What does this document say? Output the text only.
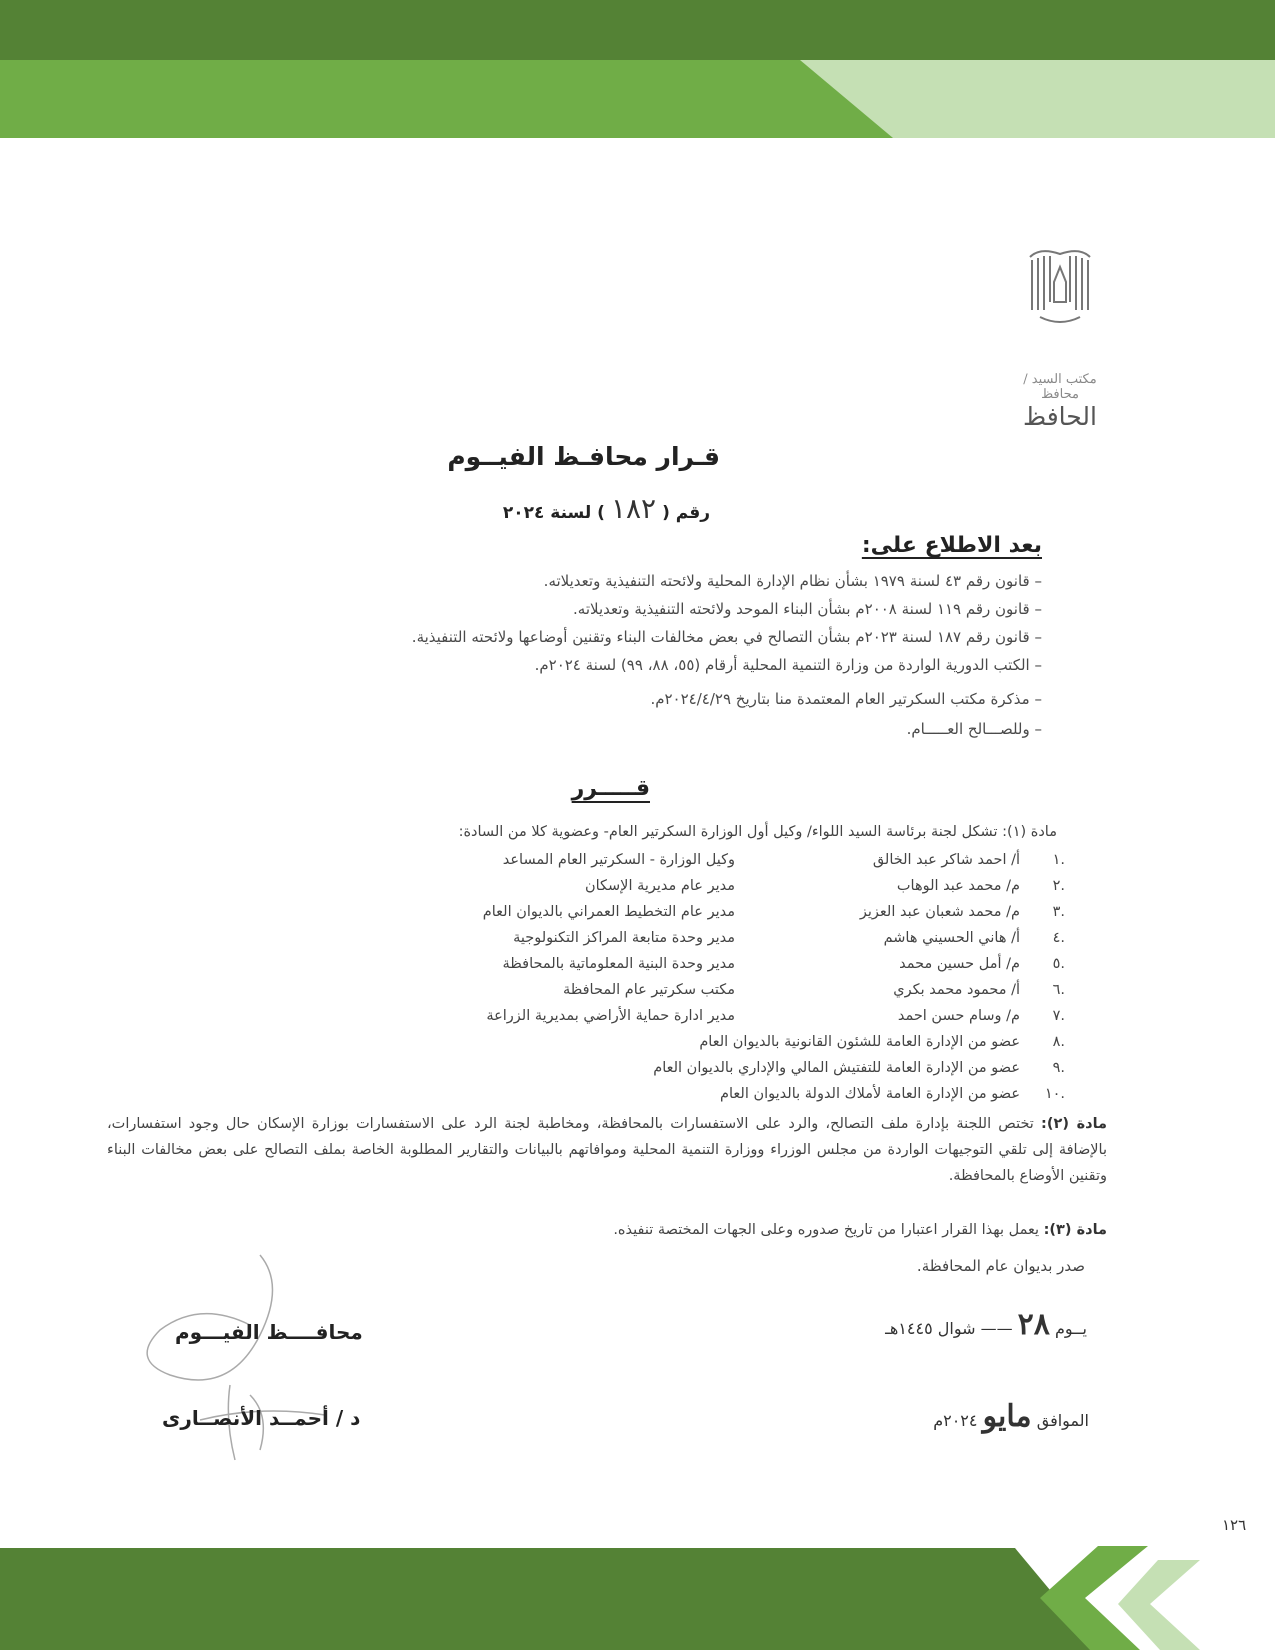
١٢٦
مكتب السيد / محافظ
الحافظ
قـرار محافـظ الفيــوم
رقم (١٨٢) لسنة ٢٠٢٤
بعد الاطلاع على:
– قانون رقم ٤٣ لسنة ١٩٧٩ بشأن نظام الإدارة المحلية ولائحته التنفيذية وتعديلاته.
– قانون رقم ١١٩ لسنة ٢٠٠٨م بشأن البناء الموحد ولائحته التنفيذية وتعديلاته.
– قانون رقم ١٨٧ لسنة ٢٠٢٣م بشأن التصالح في بعض مخالفات البناء وتقنين أوضاعها ولائحته التنفيذية.
– الكتب الدورية الواردة من وزارة التنمية المحلية أرقام (٥٥، ٨٨، ٩٩) لسنة ٢٠٢٤م.
– مذكرة مكتب السكرتير العام المعتمدة منا بتاريخ ٢٠٢٤/٤/٢٩م.
– وللصـــالح العـــــام.
قـــــرر
مادة (١): تشكل لجنة برئاسة السيد اللواء/ وكيل أول الوزارة السكرتير العام- وعضوية كلا من السادة:
١.
أ/ احمد شاكر عبد الخالق
وكيل الوزارة - السكرتير العام المساعد
٢.
م/ محمد عبد الوهاب
مدير عام مديرية الإسكان
٣.
م/ محمد شعبان عبد العزيز
مدير عام التخطيط العمراني بالديوان العام
٤.
أ/ هاني الحسيني هاشم
مدير وحدة متابعة المراكز التكنولوجية
٥.
م/ أمل حسين محمد
مدير وحدة البنية المعلوماتية بالمحافظة
٦.
أ/ محمود محمد بكري
مكتب سكرتير عام المحافظة
٧.
م/ وسام حسن احمد
مدير ادارة حماية الأراضي بمديرية الزراعة
٨.
عضو من الإدارة العامة للشئون القانونية بالديوان العام
٩.
عضو من الإدارة العامة للتفتيش المالي والإداري بالديوان العام
١٠.
عضو من الإدارة العامة لأملاك الدولة بالديوان العام
مادة (٢): تختص اللجنة بإدارة ملف التصالح، والرد على الاستفسارات بالمحافظة، ومخاطبة لجنة الرد على الاستفسارات بوزارة الإسكان حال وجود استفسارات، بالإضافة إلى تلقي التوجيهات الواردة من مجلس الوزراء ووزارة التنمية المحلية وموافاتهم بالبيانات والتقارير المطلوبة الخاصة بملف التصالح على بعض مخالفات البناء وتقنين الأوضاع بالمحافظة.
مادة (٣): يعمل بهذا القرار اعتبارا من تاريخ صدوره وعلى الجهات المختصة تنفيذه.
صدر بديوان عام المحافظة.
يــوم ٢٨ —— شوال ١٤٤٥هـ
الموافق مايو ٢٠٢٤م
محافــــظ الفيـــوم
د / أحمــد الأنصــارى
